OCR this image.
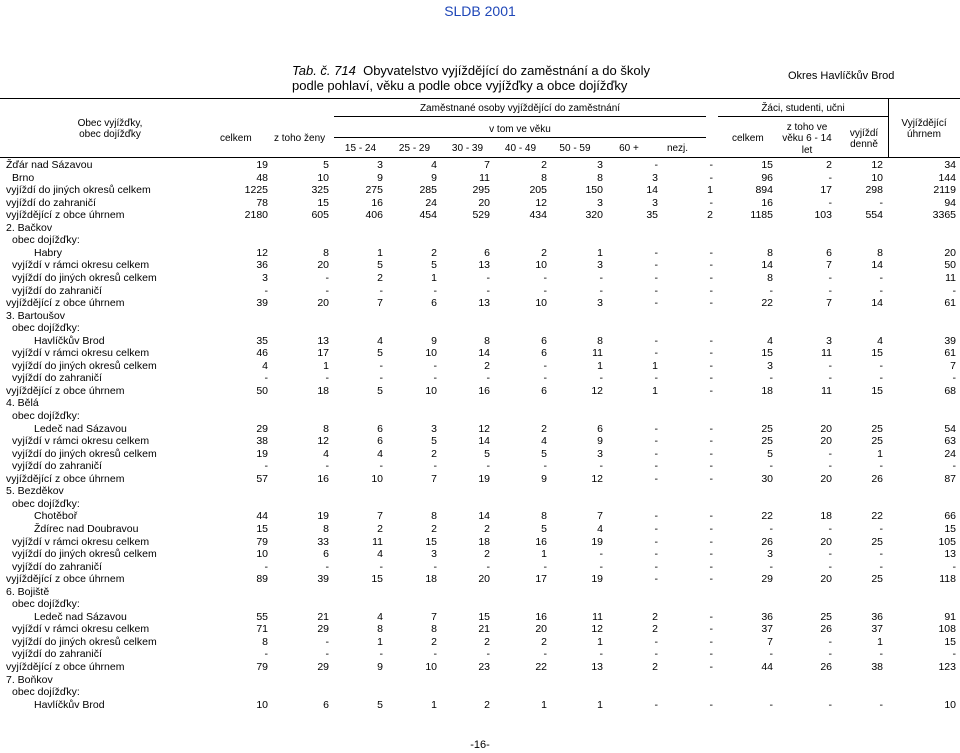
SLDB 2001
Tab. č. 714 Obyvatelstvo vyjíždějící do zaměstnání a do školy
podle pohlaví, věku a podle obce vyjížďky a obce dojížďky
Okres Havlíčkův Brod
Obec vyjížďky,
obec dojížďky
Zaměstnané osoby vyjíždějící do zaměstnání	Žáci, studenti, učni
Vyjíždějící
úhrnem
celkem z toho ženy
v tom ve věku
15 - 24	25 - 29	30 - 39	40 - 49	50 - 59	60 +	nezj.
celkem
z toho ve
věku 6 - 14
let
vyjíždí
denně
Žďár nad Sázavou	19	5	3	4	7	2	3	-	-	15	2	12	34
Brno	48	10	9	9	11	8	8	3	-	96	-	10	144
vyjíždí do jiných okresů celkem	1225	325	275	285	295	205	150	14	1	894	17	298	2119
vyjíždí do zahraničí	78	15	16	24	20	12	3	3	-	16	-	-	94
vyjíždějící z obce úhrnem	2180	605	406	454	529	434	320	35	2	1185	103	554	3365
2. Bačkov
obec dojížďky:
Habry	12	8	1	2	6	2	1	-	-	8	6	8	20
vyjíždí v rámci okresu celkem	36	20	5	5	13	10	3	-	-	14	7	14	50
vyjíždí do jiných okresů celkem	3	-	2	1	-	-	-	-	-	8	-	-	11
vyjíždí do zahraničí	-	-	-	-	-	-	-	-	-	-	-	-	-
vyjíždějící z obce úhrnem	39	20	7	6	13	10	3	-	-	22	7	14	61
3. Bartoušov
obec dojížďky:
Havlíčkův Brod	35	13	4	9	8	6	8	-	-	4	3	4	39
vyjíždí v rámci okresu celkem	46	17	5	10	14	6	11	-	-	15	11	15	61
vyjíždí do jiných okresů celkem	4	1	-	-	2	-	1	1	-	3	-	-	7
vyjíždí do zahraničí	-	-	-	-	-	-	-	-	-	-	-	-	-
vyjíždějící z obce úhrnem	50	18	5	10	16	6	12	1	-	18	11	15	68
4. Bělá
obec dojížďky:
Ledeč nad Sázavou	29	8	6	3	12	2	6	-	-	25	20	25	54
vyjíždí v rámci okresu celkem	38	12	6	5	14	4	9	-	-	25	20	25	63
vyjíždí do jiných okresů celkem	19	4	4	2	5	5	3	-	-	5	-	1	24
vyjíždí do zahraničí	-	-	-	-	-	-	-	-	-	-	-	-	-
vyjíždějící z obce úhrnem	57	16	10	7	19	9	12	-	-	30	20	26	87
5. Bezděkov
obec dojížďky:
Chotěboř	44	19	7	8	14	8	7	-	-	22	18	22	66
Ždírec nad Doubravou	15	8	2	2	2	5	4	-	-	-	-	-	15
vyjíždí v rámci okresu celkem	79	33	11	15	18	16	19	-	-	26	20	25	105
vyjíždí do jiných okresů celkem	10	6	4	3	2	1	-	-	-	3	-	-	13
vyjíždí do zahraničí	-	-	-	-	-	-	-	-	-	-	-	-	-
vyjíždějící z obce úhrnem	89	39	15	18	20	17	19	-	-	29	20	25	118
6. Bojiště
obec dojížďky:
Ledeč nad Sázavou	55	21	4	7	15	16	11	2	-	36	25	36	91
vyjíždí v rámci okresu celkem	71	29	8	8	21	20	12	2	-	37	26	37	108
vyjíždí do jiných okresů celkem	8	-	1	2	2	2	1	-	-	7	-	1	15
vyjíždí do zahraničí	-	-	-	-	-	-	-	-	-	-	-	-	-
vyjíždějící z obce úhrnem	79	29	9	10	23	22	13	2	-	44	26	38	123
7. Boňkov
obec dojížďky:
Havlíčkův Brod	10	6	5	1	2	1	1	-	-	-	-	-	10
-16-
